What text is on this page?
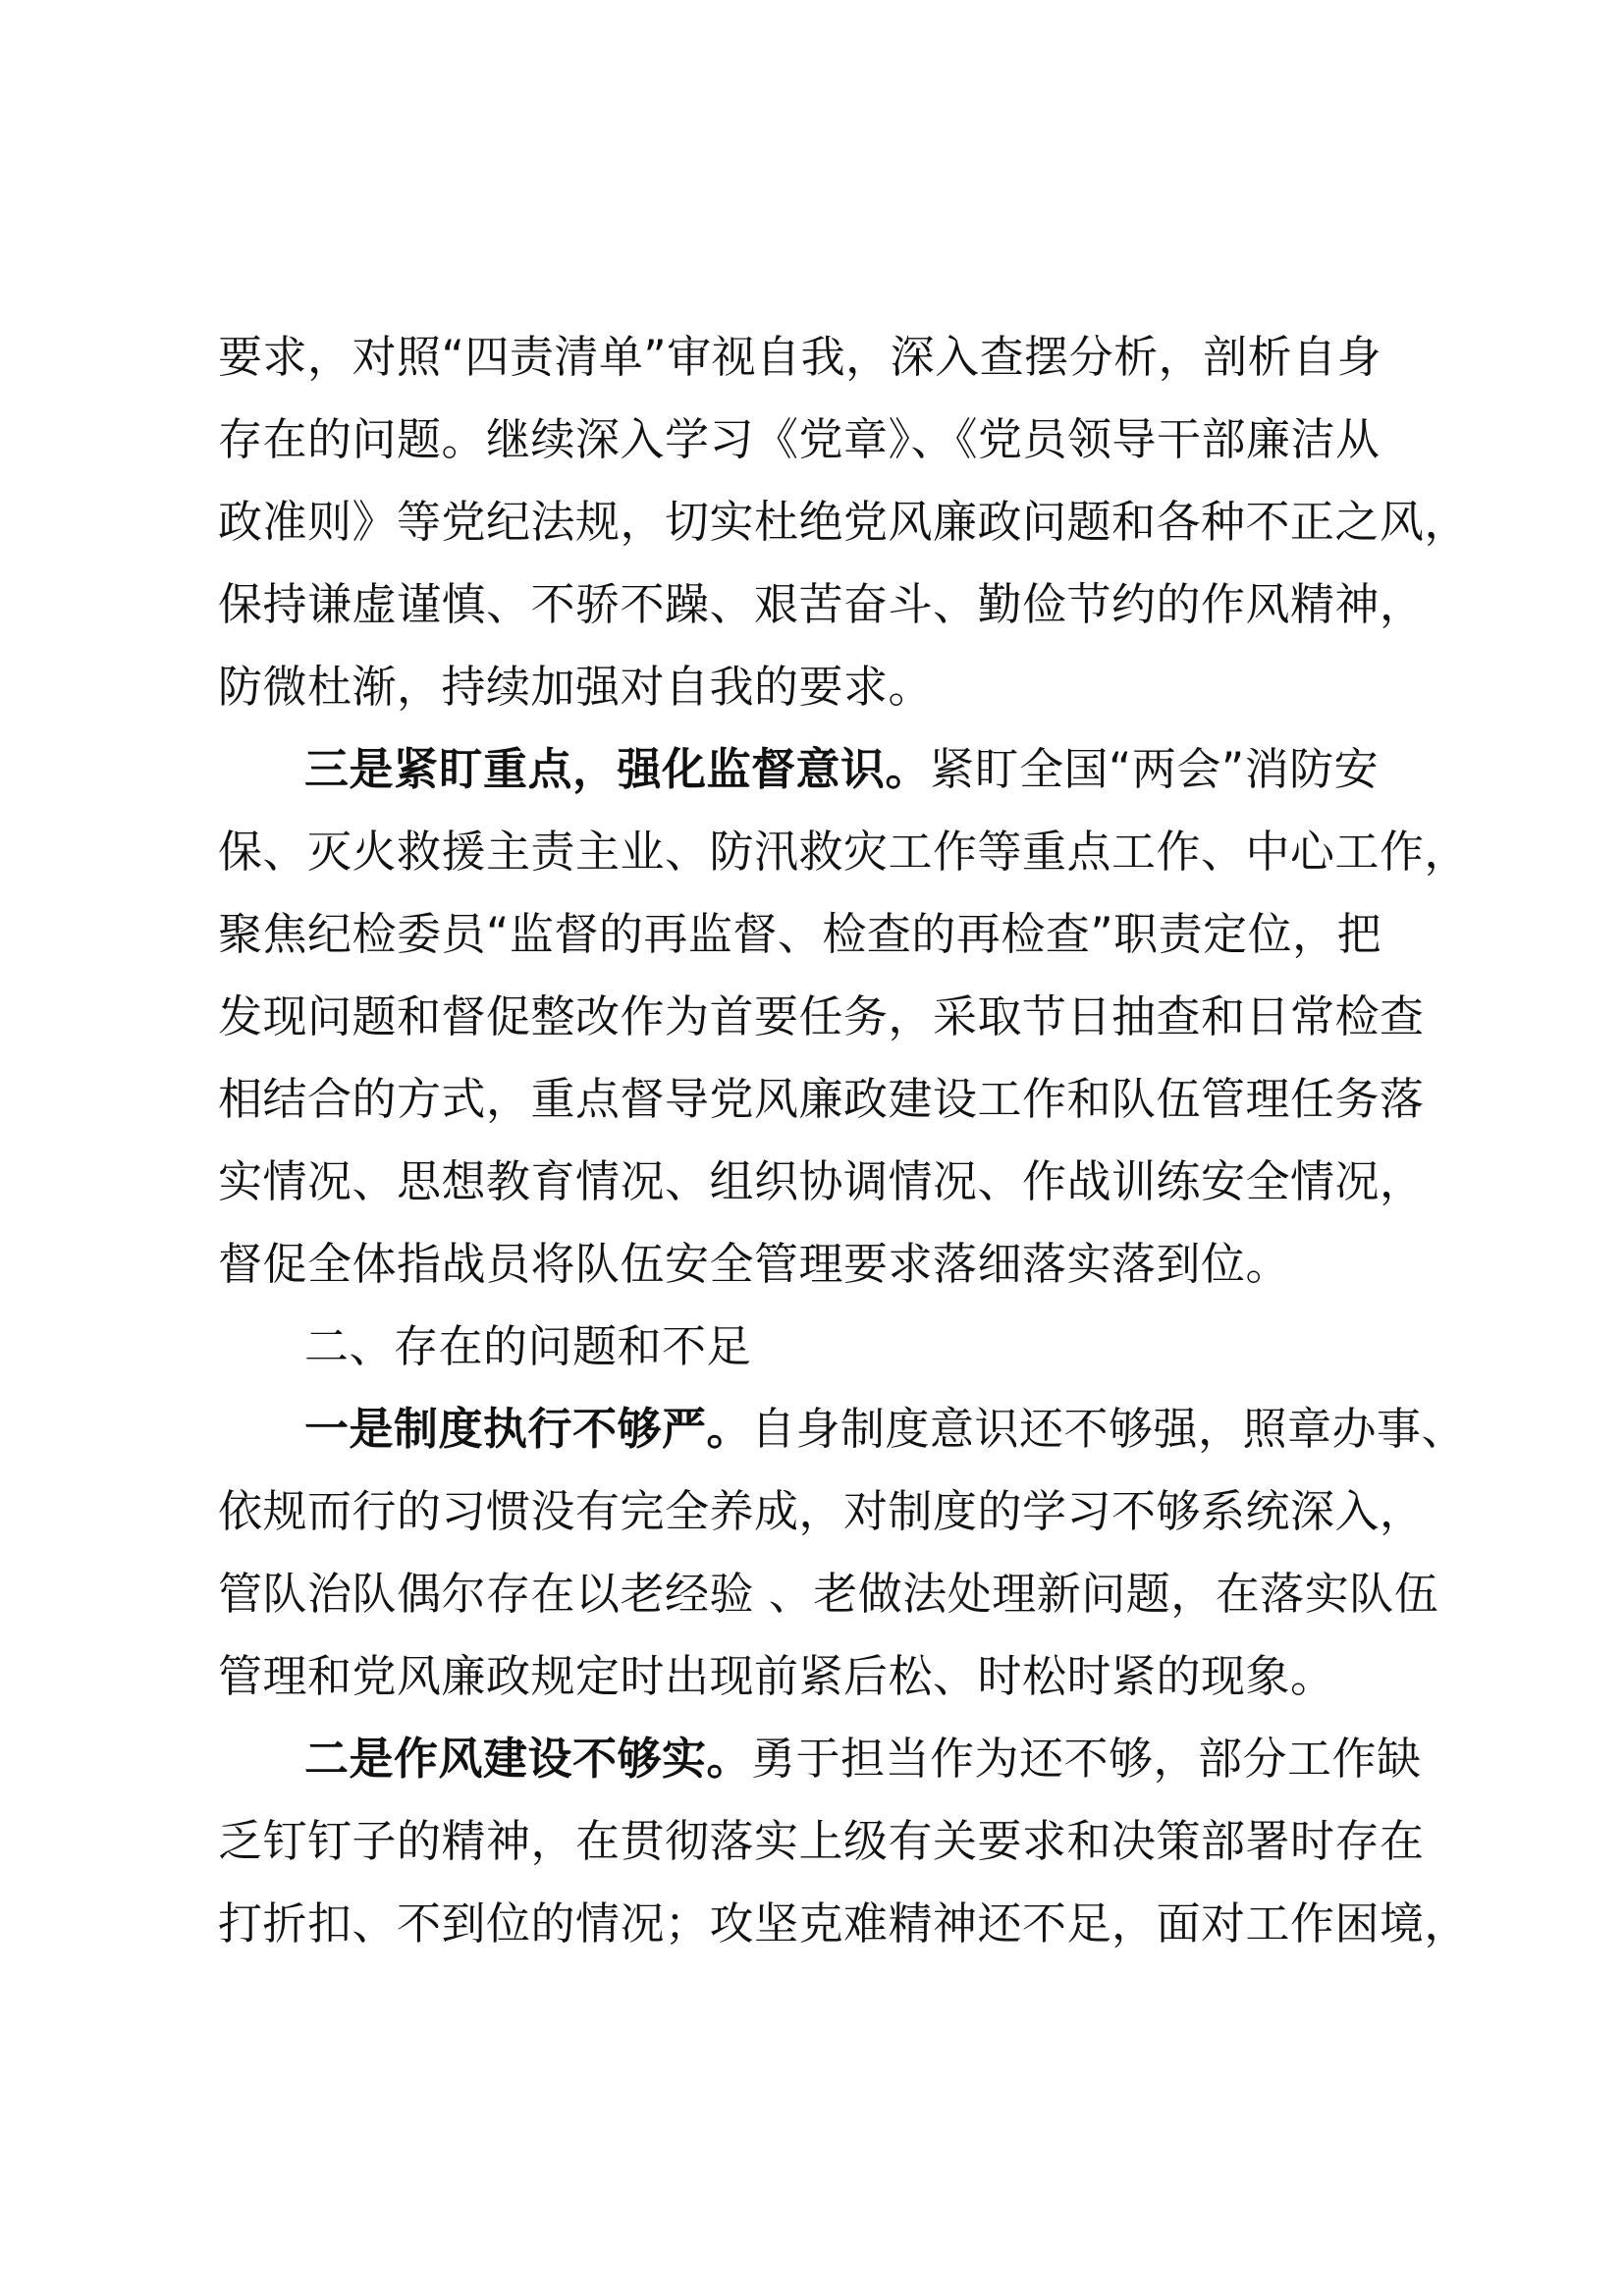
要求，对照“四责清单”审视自我，深入查摆分析，剖析自身
存在的问题。继续深入学习《党章》、《党员领导干部廉洁从
政准则》等党纪法规，切实杜绝党风廉政问题和各种不正之风，
保持谦虚谨慎、不骄不躁、艰苦奋斗、勤俭节约的作风精神，
防微杜渐，持续加强对自我的要求。
三是紧盯重点，强化监督意识。紧盯全国“两会”消防安
保、灭火救援主责主业、防汛救灾工作等重点工作、中心工作，
聚焦纪检委员“监督的再监督、检查的再检查”职责定位，把
发现问题和督促整改作为首要任务，采取节日抽查和日常检查
相结合的方式，重点督导党风廉政建设工作和队伍管理任务落
实情况、思想教育情况、组织协调情况、作战训练安全情况，
督促全体指战员将队伍安全管理要求落细落实落到位。
二、存在的问题和不足
一是制度执行不够严。自身制度意识还不够强，照章办事、
依规而行的习惯没有完全养成，对制度的学习不够系统深入，
管队治队偶尔存在以老经验 、老做法处理新问题，在落实队伍
管理和党风廉政规定时出现前紧后松、时松时紧的现象。
二是作风建设不够实。勇于担当作为还不够，部分工作缺
乏钉钉子的精神，在贯彻落实上级有关要求和决策部署时存在
打折扣、不到位的情况；攻坚克难精神还不足，面对工作困境，
